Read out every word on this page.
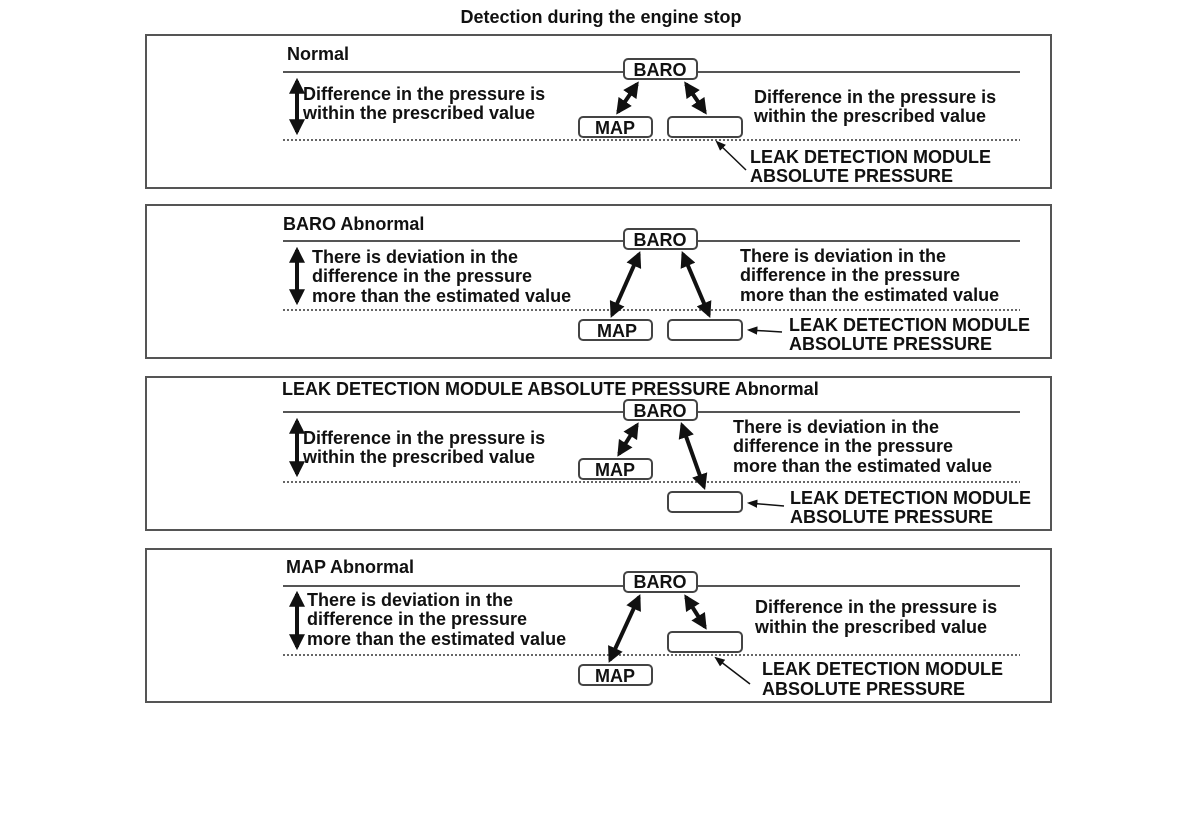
Detection during the engine stop
Normal
Difference in the pressure is
within the prescribed value
BARO
MAP
Difference in the pressure is
within the prescribed value
LEAK DETECTION MODULE
ABSOLUTE PRESSURE
BARO Abnormal
There is deviation in the
difference in the pressure
more than the estimated value
BARO
MAP
There is deviation in the
difference in the pressure
more than the estimated value
LEAK DETECTION MODULE
ABSOLUTE PRESSURE
LEAK DETECTION MODULE ABSOLUTE PRESSURE Abnormal
Difference in the pressure is
within the prescribed value
BARO
MAP
There is deviation in the
difference in the pressure
more than the estimated value
LEAK DETECTION MODULE
ABSOLUTE PRESSURE
MAP Abnormal
There is deviation in the
difference in the pressure
more than the estimated value
BARO
MAP
Difference in the pressure is
within the prescribed value
LEAK DETECTION MODULE
ABSOLUTE PRESSURE
